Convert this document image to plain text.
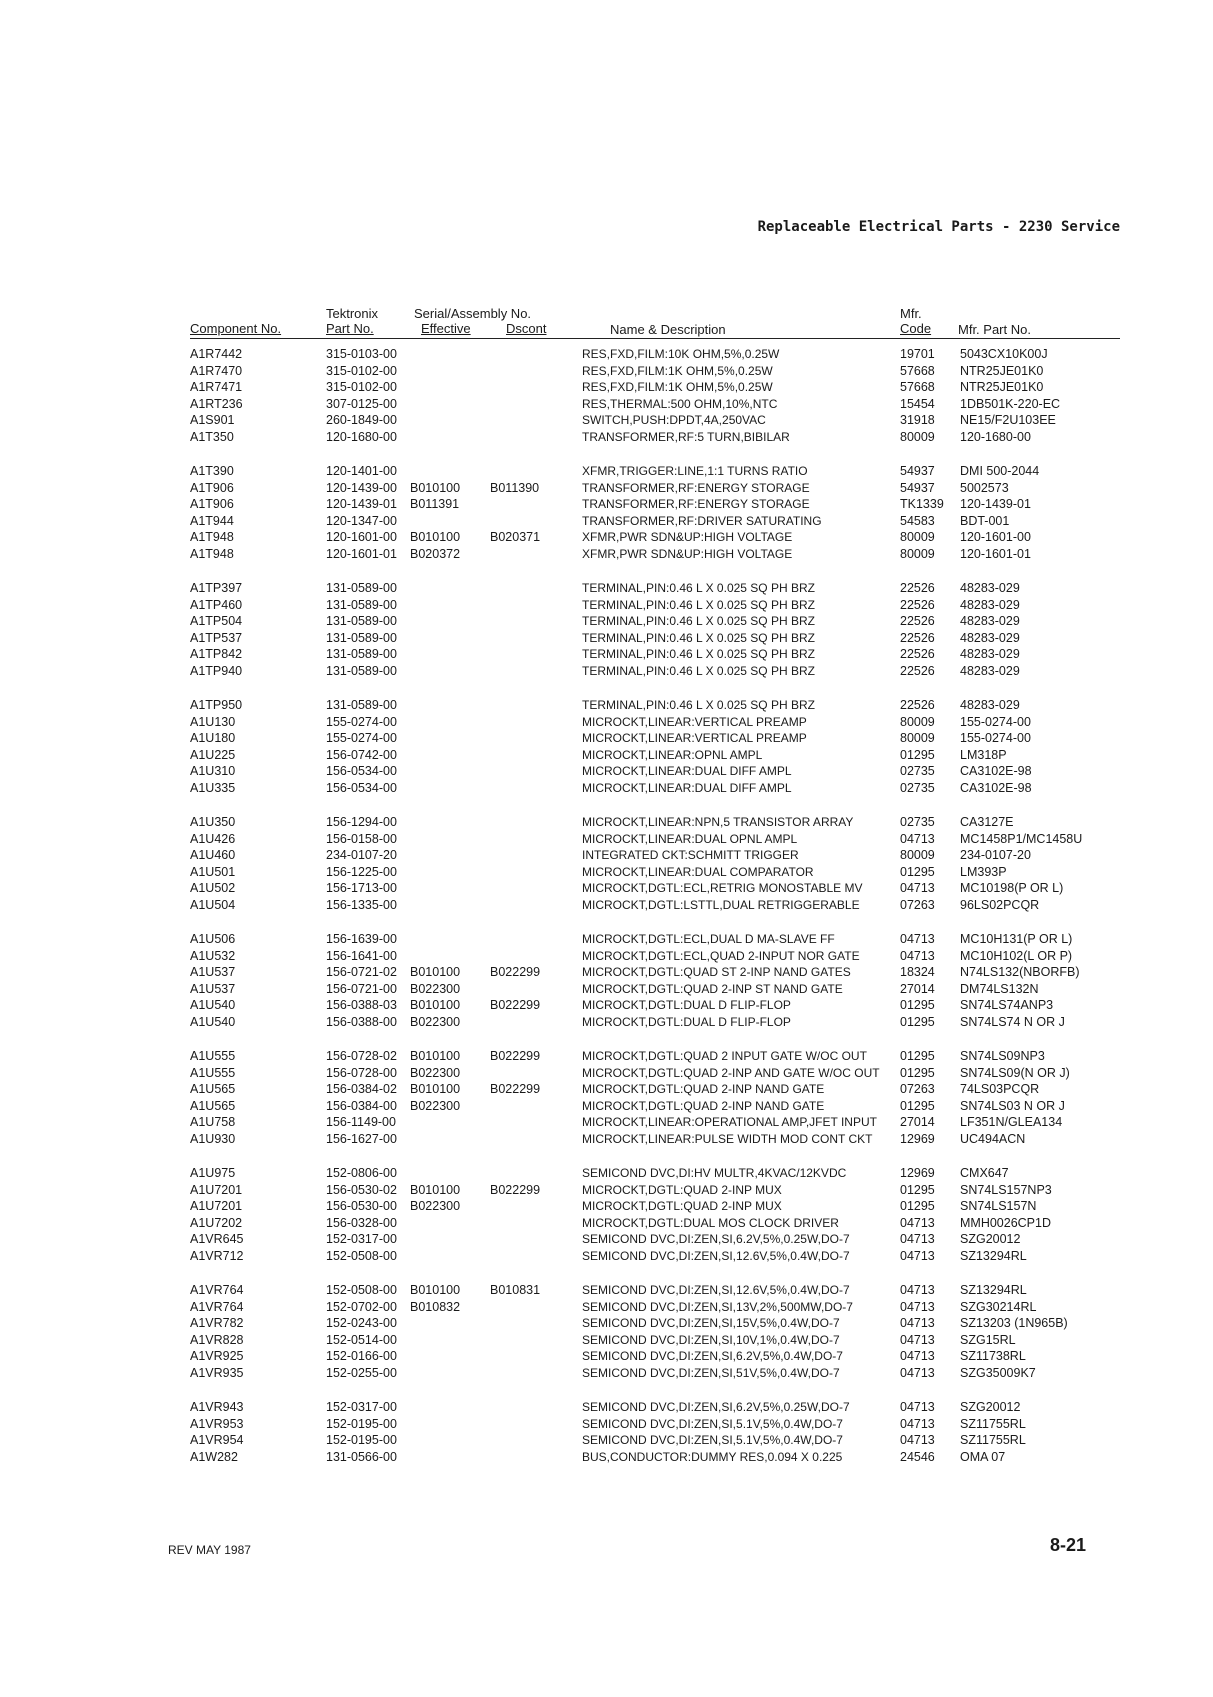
Replaceable Electrical Parts - 2230 Service
Component No.
Tektronix
Part No.
Serial/Assembly No.
Effective	Dscont	Name & Description
Mfr.
Code Mfr. Part No.
A1R7442	315-0103-00	RES,FXD,FILM:10K OHM,5%,0.25W	19701 5043CX10K00J
A1R7470	315-0102-00	RES,FXD,FILM:1K OHM,5%,0.25W	57668 NTR25JE01K0
A1R7471	315-0102-00	RES,FXD,FILM:1K OHM,5%,0.25W	57668 NTR25JE01K0
A1RT236	307-0125-00	RES,THERMAL:500 OHM,10%,NTC	15454 1DB501K-220-EC
A1S901	260-1849-00	SWITCH,PUSH:DPDT,4A,250VAC	31918 NE15/F2U103EE
A1T350	120-1680-00	TRANSFORMER,RF:5 TURN,BIBILAR	80009 120-1680-00
A1T390	120-1401-00	XFMR,TRIGGER:LINE,1:1 TURNS RATIO	54937 DMI 500-2044
A1T906	120-1439-00 B010100 B011390	TRANSFORMER,RF:ENERGY STORAGE	54937 5002573
A1T906	120-1439-01 B011391	TRANSFORMER,RF:ENERGY STORAGE	TK1339 120-1439-01
A1T944	120-1347-00	TRANSFORMER,RF:DRIVER SATURATING	54583 BDT-001
A1T948	120-1601-00 B010100 B020371	XFMR,PWR SDN&UP:HIGH VOLTAGE	80009 120-1601-00
A1T948	120-1601-01 B020372	XFMR,PWR SDN&UP:HIGH VOLTAGE	80009 120-1601-01
A1TP397	131-0589-00	TERMINAL,PIN:0.46 L X 0.025 SQ PH BRZ	22526 48283-029
A1TP460	131-0589-00	TERMINAL,PIN:0.46 L X 0.025 SQ PH BRZ	22526 48283-029
A1TP504	131-0589-00	TERMINAL,PIN:0.46 L X 0.025 SQ PH BRZ	22526 48283-029
A1TP537	131-0589-00	TERMINAL,PIN:0.46 L X 0.025 SQ PH BRZ	22526 48283-029
A1TP842	131-0589-00	TERMINAL,PIN:0.46 L X 0.025 SQ PH BRZ	22526 48283-029
A1TP940	131-0589-00	TERMINAL,PIN:0.46 L X 0.025 SQ PH BRZ	22526 48283-029
A1TP950	131-0589-00	TERMINAL,PIN:0.46 L X 0.025 SQ PH BRZ	22526 48283-029
A1U130	155-0274-00	MICROCKT,LINEAR:VERTICAL PREAMP	80009 155-0274-00
A1U180	155-0274-00	MICROCKT,LINEAR:VERTICAL PREAMP	80009 155-0274-00
A1U225	156-0742-00	MICROCKT,LINEAR:OPNL AMPL	01295 LM318P
A1U310	156-0534-00	MICROCKT,LINEAR:DUAL DIFF AMPL	02735 CA3102E-98
A1U335	156-0534-00	MICROCKT,LINEAR:DUAL DIFF AMPL	02735 CA3102E-98
A1U350	156-1294-00	MICROCKT,LINEAR:NPN,5 TRANSISTOR ARRAY	02735 CA3127E
A1U426	156-0158-00	MICROCKT,LINEAR:DUAL OPNL AMPL	04713 MC1458P1/MC1458U
A1U460	234-0107-20	INTEGRATED CKT:SCHMITT TRIGGER	80009 234-0107-20
A1U501	156-1225-00	MICROCKT,LINEAR:DUAL COMPARATOR	01295 LM393P
A1U502	156-1713-00	MICROCKT,DGTL:ECL,RETRIG MONOSTABLE MV	04713 MC10198(P OR L)
A1U504	156-1335-00	MICROCKT,DGTL:LSTTL,DUAL RETRIGGERABLE	07263 96LS02PCQR
A1U506	156-1639-00	MICROCKT,DGTL:ECL,DUAL D MA-SLAVE FF	04713 MC10H131(P OR L)
A1U532	156-1641-00	MICROCKT,DGTL:ECL,QUAD 2-INPUT NOR GATE	04713 MC10H102(L OR P)
A1U537	156-0721-02 B010100 B022299	MICROCKT,DGTL:QUAD ST 2-INP NAND GATES	18324 N74LS132(NBORFB)
A1U537	156-0721-00 B022300	MICROCKT,DGTL:QUAD 2-INP ST NAND GATE	27014 DM74LS132N
A1U540	156-0388-03 B010100 B022299	MICROCKT,DGTL:DUAL D FLIP-FLOP	01295 SN74LS74ANP3
A1U540	156-0388-00 B022300	MICROCKT,DGTL:DUAL D FLIP-FLOP	01295 SN74LS74 N OR J
A1U555	156-0728-02 B010100 B022299	MICROCKT,DGTL:QUAD 2 INPUT GATE W/OC OUT	01295 SN74LS09NP3
A1U555	156-0728-00 B022300	MICROCKT,DGTL:QUAD 2-INP AND GATE W/OC OUT 01295 SN74LS09(N OR J)
A1U565	156-0384-02 B010100 B022299	MICROCKT,DGTL:QUAD 2-INP NAND GATE	07263 74LS03PCQR
A1U565	156-0384-00 B022300	MICROCKT,DGTL:QUAD 2-INP NAND GATE	01295 SN74LS03 N OR J
A1U758	156-1149-00	MICROCKT,LINEAR:OPERATIONAL AMP,JFET INPUT 27014 LF351N/GLEA134
A1U930	156-1627-00	MICROCKT,LINEAR:PULSE WIDTH MOD CONT CKT 12969 UC494ACN
A1U975	152-0806-00	SEMICOND DVC,DI:HV MULTR,4KVAC/12KVDC	12969 CMX647
A1U7201	156-0530-02 B010100 B022299	MICROCKT,DGTL:QUAD 2-INP MUX	01295 SN74LS157NP3
A1U7201	156-0530-00 B022300	MICROCKT,DGTL:QUAD 2-INP MUX	01295 SN74LS157N
A1U7202	156-0328-00	MICROCKT,DGTL:DUAL MOS CLOCK DRIVER	04713 MMH0026CP1D
A1VR645	152-0317-00	SEMICOND DVC,DI:ZEN,SI,6.2V,5%,0.25W,DO-7	04713 SZG20012
A1VR712	152-0508-00	SEMICOND DVC,DI:ZEN,SI,12.6V,5%,0.4W,DO-7	04713 SZ13294RL
A1VR764	152-0508-00 B010100 B010831	SEMICOND DVC,DI:ZEN,SI,12.6V,5%,0.4W,DO-7	04713 SZ13294RL
A1VR764	152-0702-00 B010832	SEMICOND DVC,DI:ZEN,SI,13V,2%,500MW,DO-7	04713 SZG30214RL
A1VR782	152-0243-00	SEMICOND DVC,DI:ZEN,SI,15V,5%,0.4W,DO-7	04713 SZ13203 (1N965B)
A1VR828	152-0514-00	SEMICOND DVC,DI:ZEN,SI,10V,1%,0.4W,DO-7	04713 SZG15RL
A1VR925	152-0166-00	SEMICOND DVC,DI:ZEN,SI,6.2V,5%,0.4W,DO-7	04713 SZ11738RL
A1VR935	152-0255-00	SEMICOND DVC,DI:ZEN,SI,51V,5%,0.4W,DO-7	04713 SZG35009K7
A1VR943	152-0317-00	SEMICOND DVC,DI:ZEN,SI,6.2V,5%,0.25W,DO-7	04713 SZG20012
A1VR953	152-0195-00	SEMICOND DVC,DI:ZEN,SI,5.1V,5%,0.4W,DO-7	04713 SZ11755RL
A1VR954	152-0195-00	SEMICOND DVC,DI:ZEN,SI,5.1V,5%,0.4W,DO-7	04713 SZ11755RL
A1W282	131-0566-00	BUS,CONDUCTOR:DUMMY RES,0.094 X 0.225	24546 OMA 07
REV MAY 1987	8-21
